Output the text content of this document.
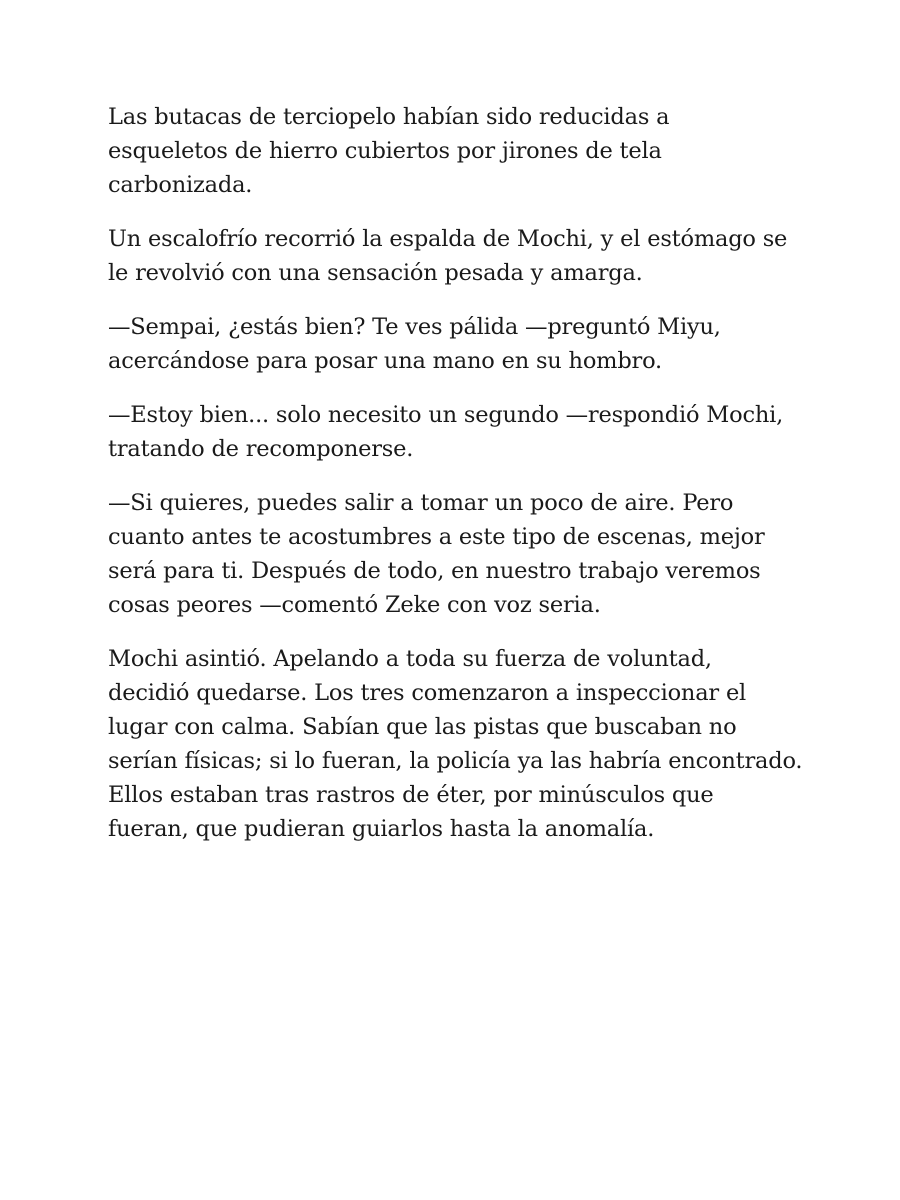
Las butacas de terciopelo habían sido reducidas a
esqueletos de hierro cubiertos por jirones de tela
carbonizada.

Un escalofrío recorrió la espalda de Mochi, y el estómago se
le revolvió con una sensación pesada y amarga.

—Sempai, ¿estás bien? Te ves pálida —preguntó Miyu,
acercándose para posar una mano en su hombro.

—Estoy bien... solo necesito un segundo —respondió Mochi,
tratando de recomponerse.

—Si quieres, puedes salir a tomar un poco de aire. Pero
cuanto antes te acostumbres a este tipo de escenas, mejor
será para ti. Después de todo, en nuestro trabajo veremos
cosas peores —comentó Zeke con voz seria.

Mochi asintió. Apelando a toda su fuerza de voluntad,
decidió quedarse. Los tres comenzaron a inspeccionar el
lugar con calma. Sabían que las pistas que buscaban no
serían físicas; si lo fueran, la policía ya las habría encontrado.
Ellos estaban tras rastros de éter, por minúsculos que
fueran, que pudieran guiarlos hasta la anomalía.
